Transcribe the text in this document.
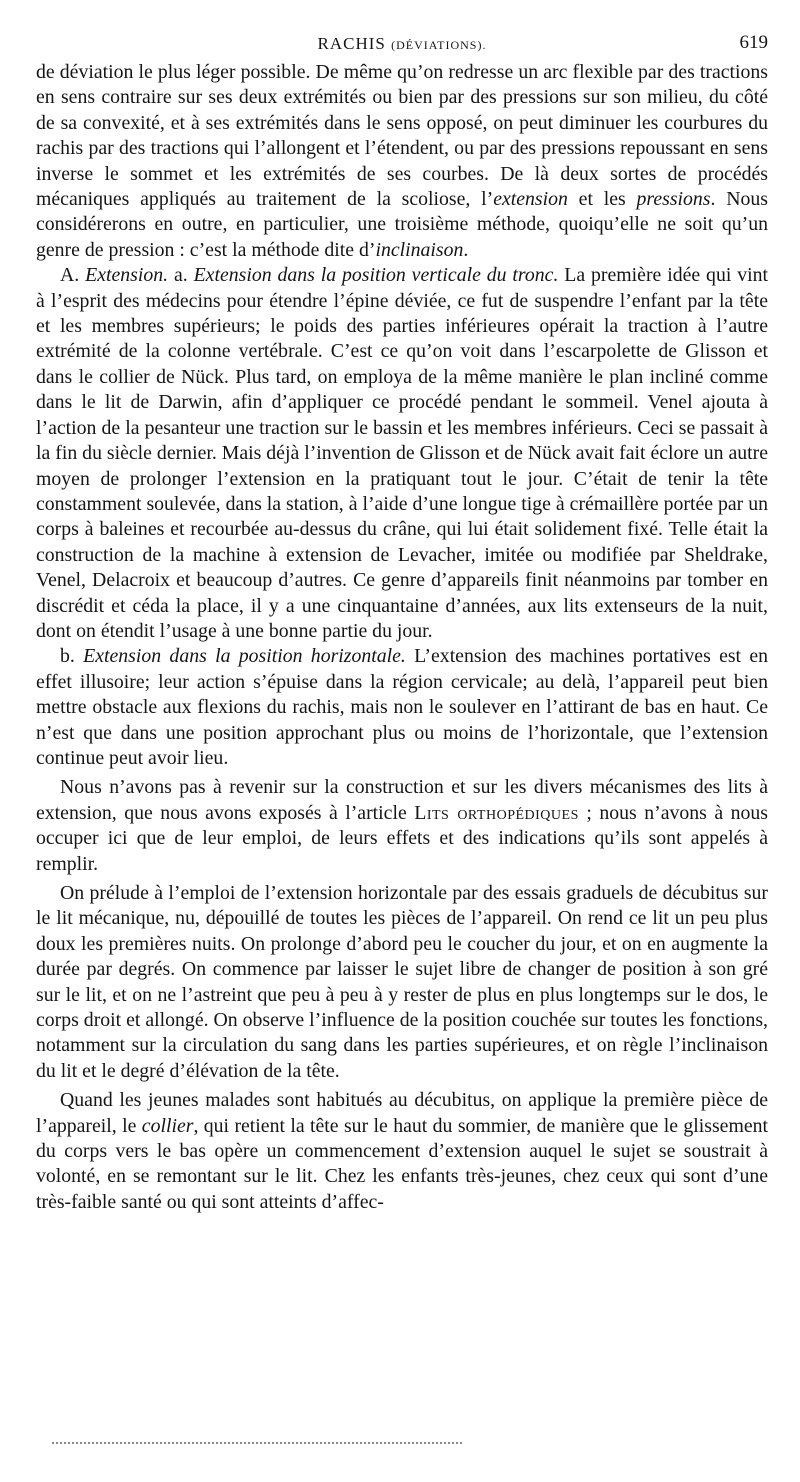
RACHIS (DÉVIATIONS).	619

de déviation le plus léger possible. De même qu’on redresse un arc flexible par des tractions en sens contraire sur ses deux extrémités ou bien par des pressions sur son milieu, du côté de sa convexité, et à ses extrémités dans le sens opposé, on peut diminuer les courbures du rachis par des tractions qui l’allongent et l’étendent, ou par des pressions repoussant en sens inverse le sommet et les extrémités de ses courbes. De là deux sortes de procédés mécaniques appliqués au traitement de la scoliose, l’extension et les pressions. Nous considérerons en outre, en particulier, une troisième méthode, quoiqu’elle ne soit qu’un genre de pression : c’est la méthode dite d’inclinaison.

A. Extension. a. Extension dans la position verticale du tronc. La première idée qui vint à l’esprit des médecins pour étendre l’épine déviée, ce fut de suspendre l’enfant par la tête et les membres supérieurs; le poids des parties inférieures opérait la traction à l’autre extrémité de la colonne vertébrale. C’est ce qu’on voit dans l’escarpolette de Glisson et dans le collier de Nück. Plus tard, on employa de la même manière le plan incliné comme dans le lit de Darwin, afin d’appliquer ce procédé pendant le sommeil. Venel ajouta à l’action de la pesanteur une traction sur le bassin et les membres inférieurs. Ceci se passait à la fin du siècle dernier. Mais déjà l’invention de Glisson et de Nück avait fait éclore un autre moyen de prolonger l’extension en la pratiquant tout le jour. C’était de tenir la tête constamment soulevée, dans la station, à l’aide d’une longue tige à crémaillère portée par un corps à baleines et recourbée au-dessus du crâne, qui lui était solidement fixé. Telle était la construction de la machine à extension de Levacher, imitée ou modifiée par Sheldrake, Venel, Delacroix et beaucoup d’autres. Ce genre d’appareils finit néanmoins par tomber en discrédit et céda la place, il y a une cinquantaine d’années, aux lits extenseurs de la nuit, dont on étendit l’usage à une bonne partie du jour.

b. Extension dans la position horizontale. L’extension des machines portatives est en effet illusoire; leur action s’épuise dans la région cervicale; au delà, l’appareil peut bien mettre obstacle aux flexions du rachis, mais non le soulever en l’attirant de bas en haut. Ce n’est que dans une position approchant plus ou moins de l’horizontale, que l’extension continue peut avoir lieu.

Nous n’avons pas à revenir sur la construction et sur les divers mécanismes des lits à extension, que nous avons exposés à l’article Lits orthopédiques ; nous n’avons à nous occuper ici que de leur emploi, de leurs effets et des indications qu’ils sont appelés à remplir.

On prélude à l’emploi de l’extension horizontale par des essais graduels de décubitus sur le lit mécanique, nu, dépouillé de toutes les pièces de l’appareil. On rend ce lit un peu plus doux les premières nuits. On prolonge d’abord peu le coucher du jour, et on en augmente la durée par degrés. On commence par laisser le sujet libre de changer de position à son gré sur le lit, et on ne l’astreint que peu à peu à y rester de plus en plus longtemps sur le dos, le corps droit et allongé. On observe l’influence de la position couchée sur toutes les fonctions, notamment sur la circulation du sang dans les parties supérieures, et on règle l’inclinaison du lit et le degré d’élévation de la tête.

Quand les jeunes malades sont habitués au décubitus, on applique la première pièce de l’appareil, le collier, qui retient la tête sur le haut du sommier, de manière que le glissement du corps vers le bas opère un commencement d’extension auquel le sujet se soustrait à volonté, en se remontant sur le lit. Chez les enfants très-jeunes, chez ceux qui sont d’une très-faible santé ou qui sont atteints d’affec-
